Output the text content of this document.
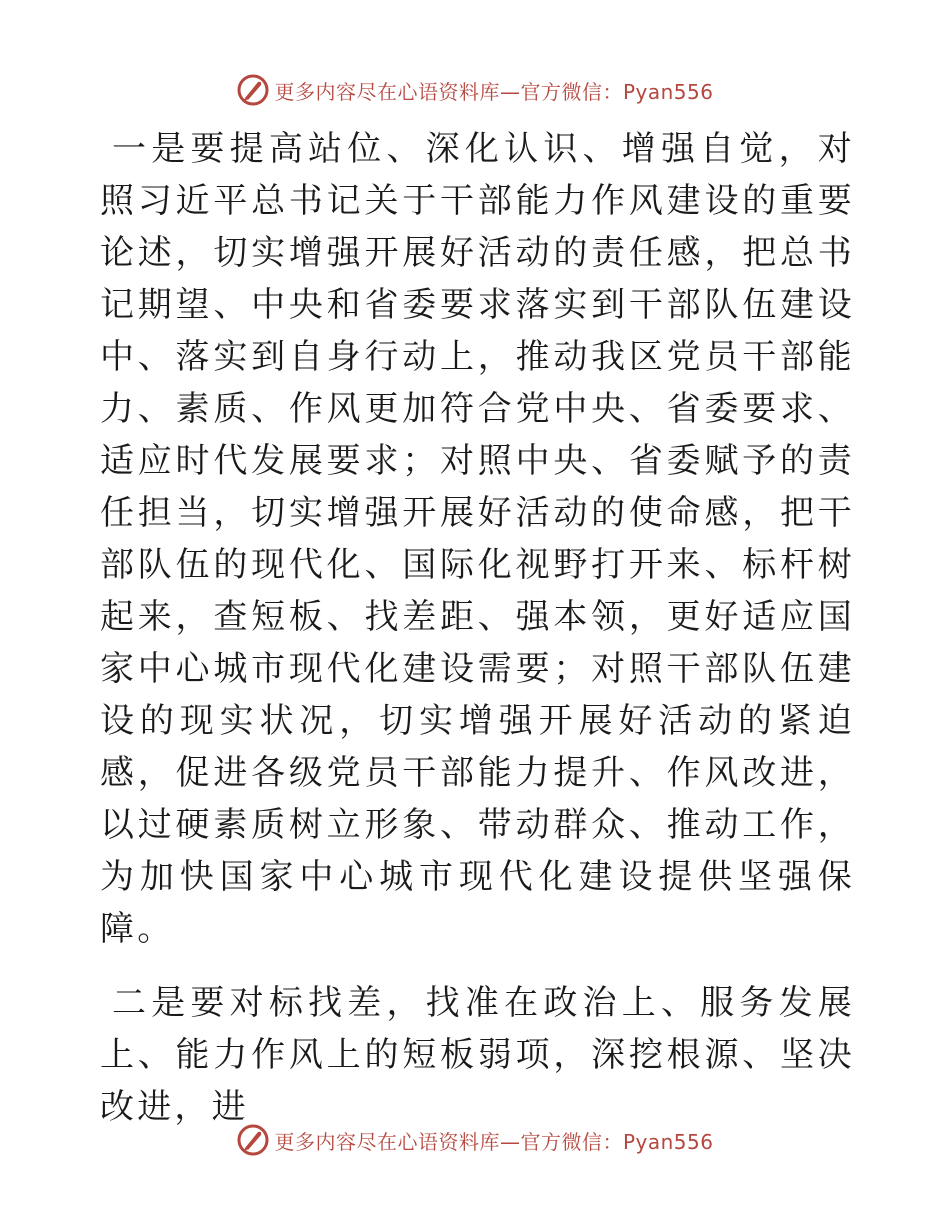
更多内容尽在心语资料库—官方微信：Pyan556

一是要提高站位、深化认识、增强自觉，对照习近平总书记关于干部能力作风建设的重要论述，切实增强开展好活动的责任感，把总书记期望、中央和省委要求落实到干部队伍建设中、落实到自身行动上，推动我区党员干部能力、素质、作风更加符合党中央、省委要求、适应时代发展要求；对照中央、省委赋予的责任担当，切实增强开展好活动的使命感，把干部队伍的现代化、国际化视野打开来、标杆树起来，查短板、找差距、强本领，更好适应国家中心城市现代化建设需要；对照干部队伍建设的现实状况，切实增强开展好活动的紧迫感，促进各级党员干部能力提升、作风改进，以过硬素质树立形象、带动群众、推动工作，为加快国家中心城市现代化建设提供坚强保障。

二是要对标找差，找准在政治上、服务发展上、能力作风上的短板弱项，深挖根源、坚决改进，进

更多内容尽在心语资料库—官方微信：Pyan556
